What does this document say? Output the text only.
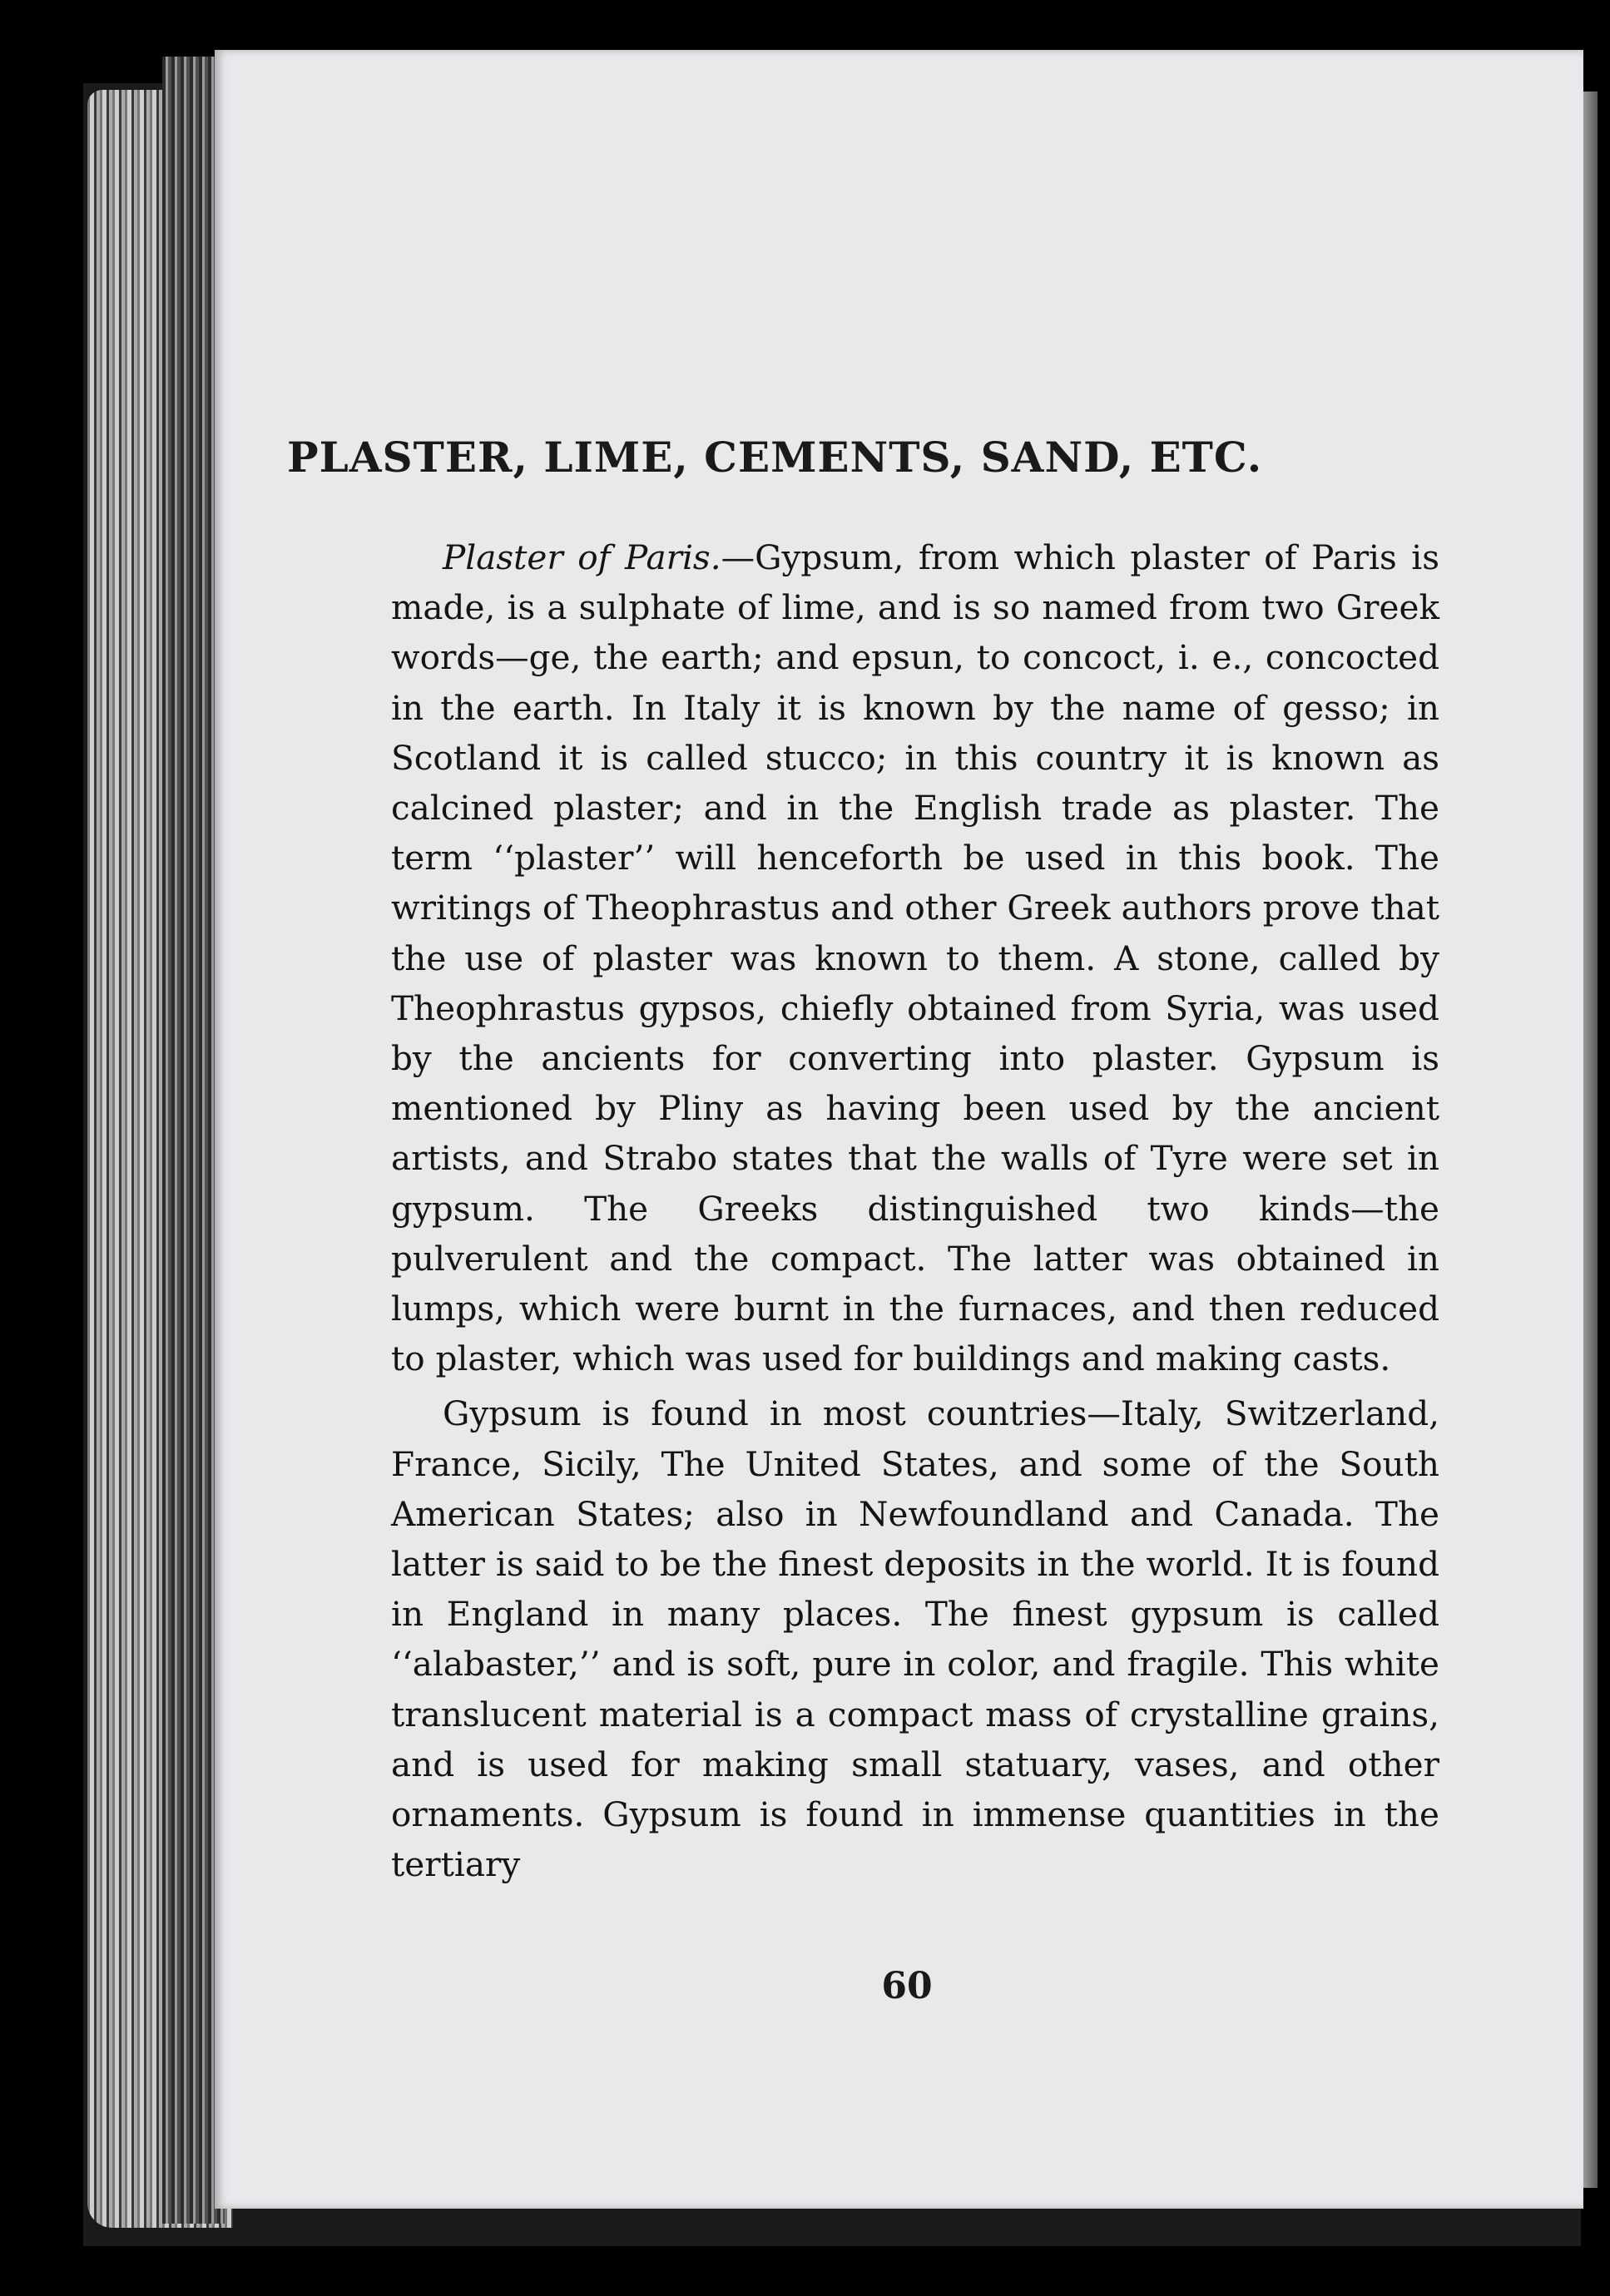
PLASTER, LIME, CEMENTS, SAND, ETC.

Plaster of Paris.—Gypsum, from which plaster of Paris is made, is a sulphate of lime, and is so named from two Greek words—ge, the earth; and epsun, to concoct, i. e., concocted in the earth. In Italy it is known by the name of gesso; in Scotland it is called stucco; in this country it is known as calcined plaster; and in the English trade as plaster. The term ‘‘plaster’’ will henceforth be used in this book. The writings of Theophrastus and other Greek authors prove that the use of plaster was known to them. A stone, called by Theophrastus gypsos, chiefly obtained from Syria, was used by the ancients for converting into plaster. Gypsum is mentioned by Pliny as having been used by the ancient artists, and Strabo states that the walls of Tyre were set in gypsum. The Greeks distinguished two kinds—the pulverulent and the compact. The latter was obtained in lumps, which were burnt in the furnaces, and then reduced to plaster, which was used for buildings and making casts.

Gypsum is found in most countries—Italy, Switzerland, France, Sicily, The United States, and some of the South American States; also in Newfoundland and Canada. The latter is said to be the finest deposits in the world. It is found in England in many places. The finest gypsum is called ‘‘alabaster,’’ and is soft, pure in color, and fragile. This white translucent material is a compact mass of crystalline grains, and is used for making small statuary, vases, and other ornaments. Gypsum is found in immense quantities in the tertiary

60
